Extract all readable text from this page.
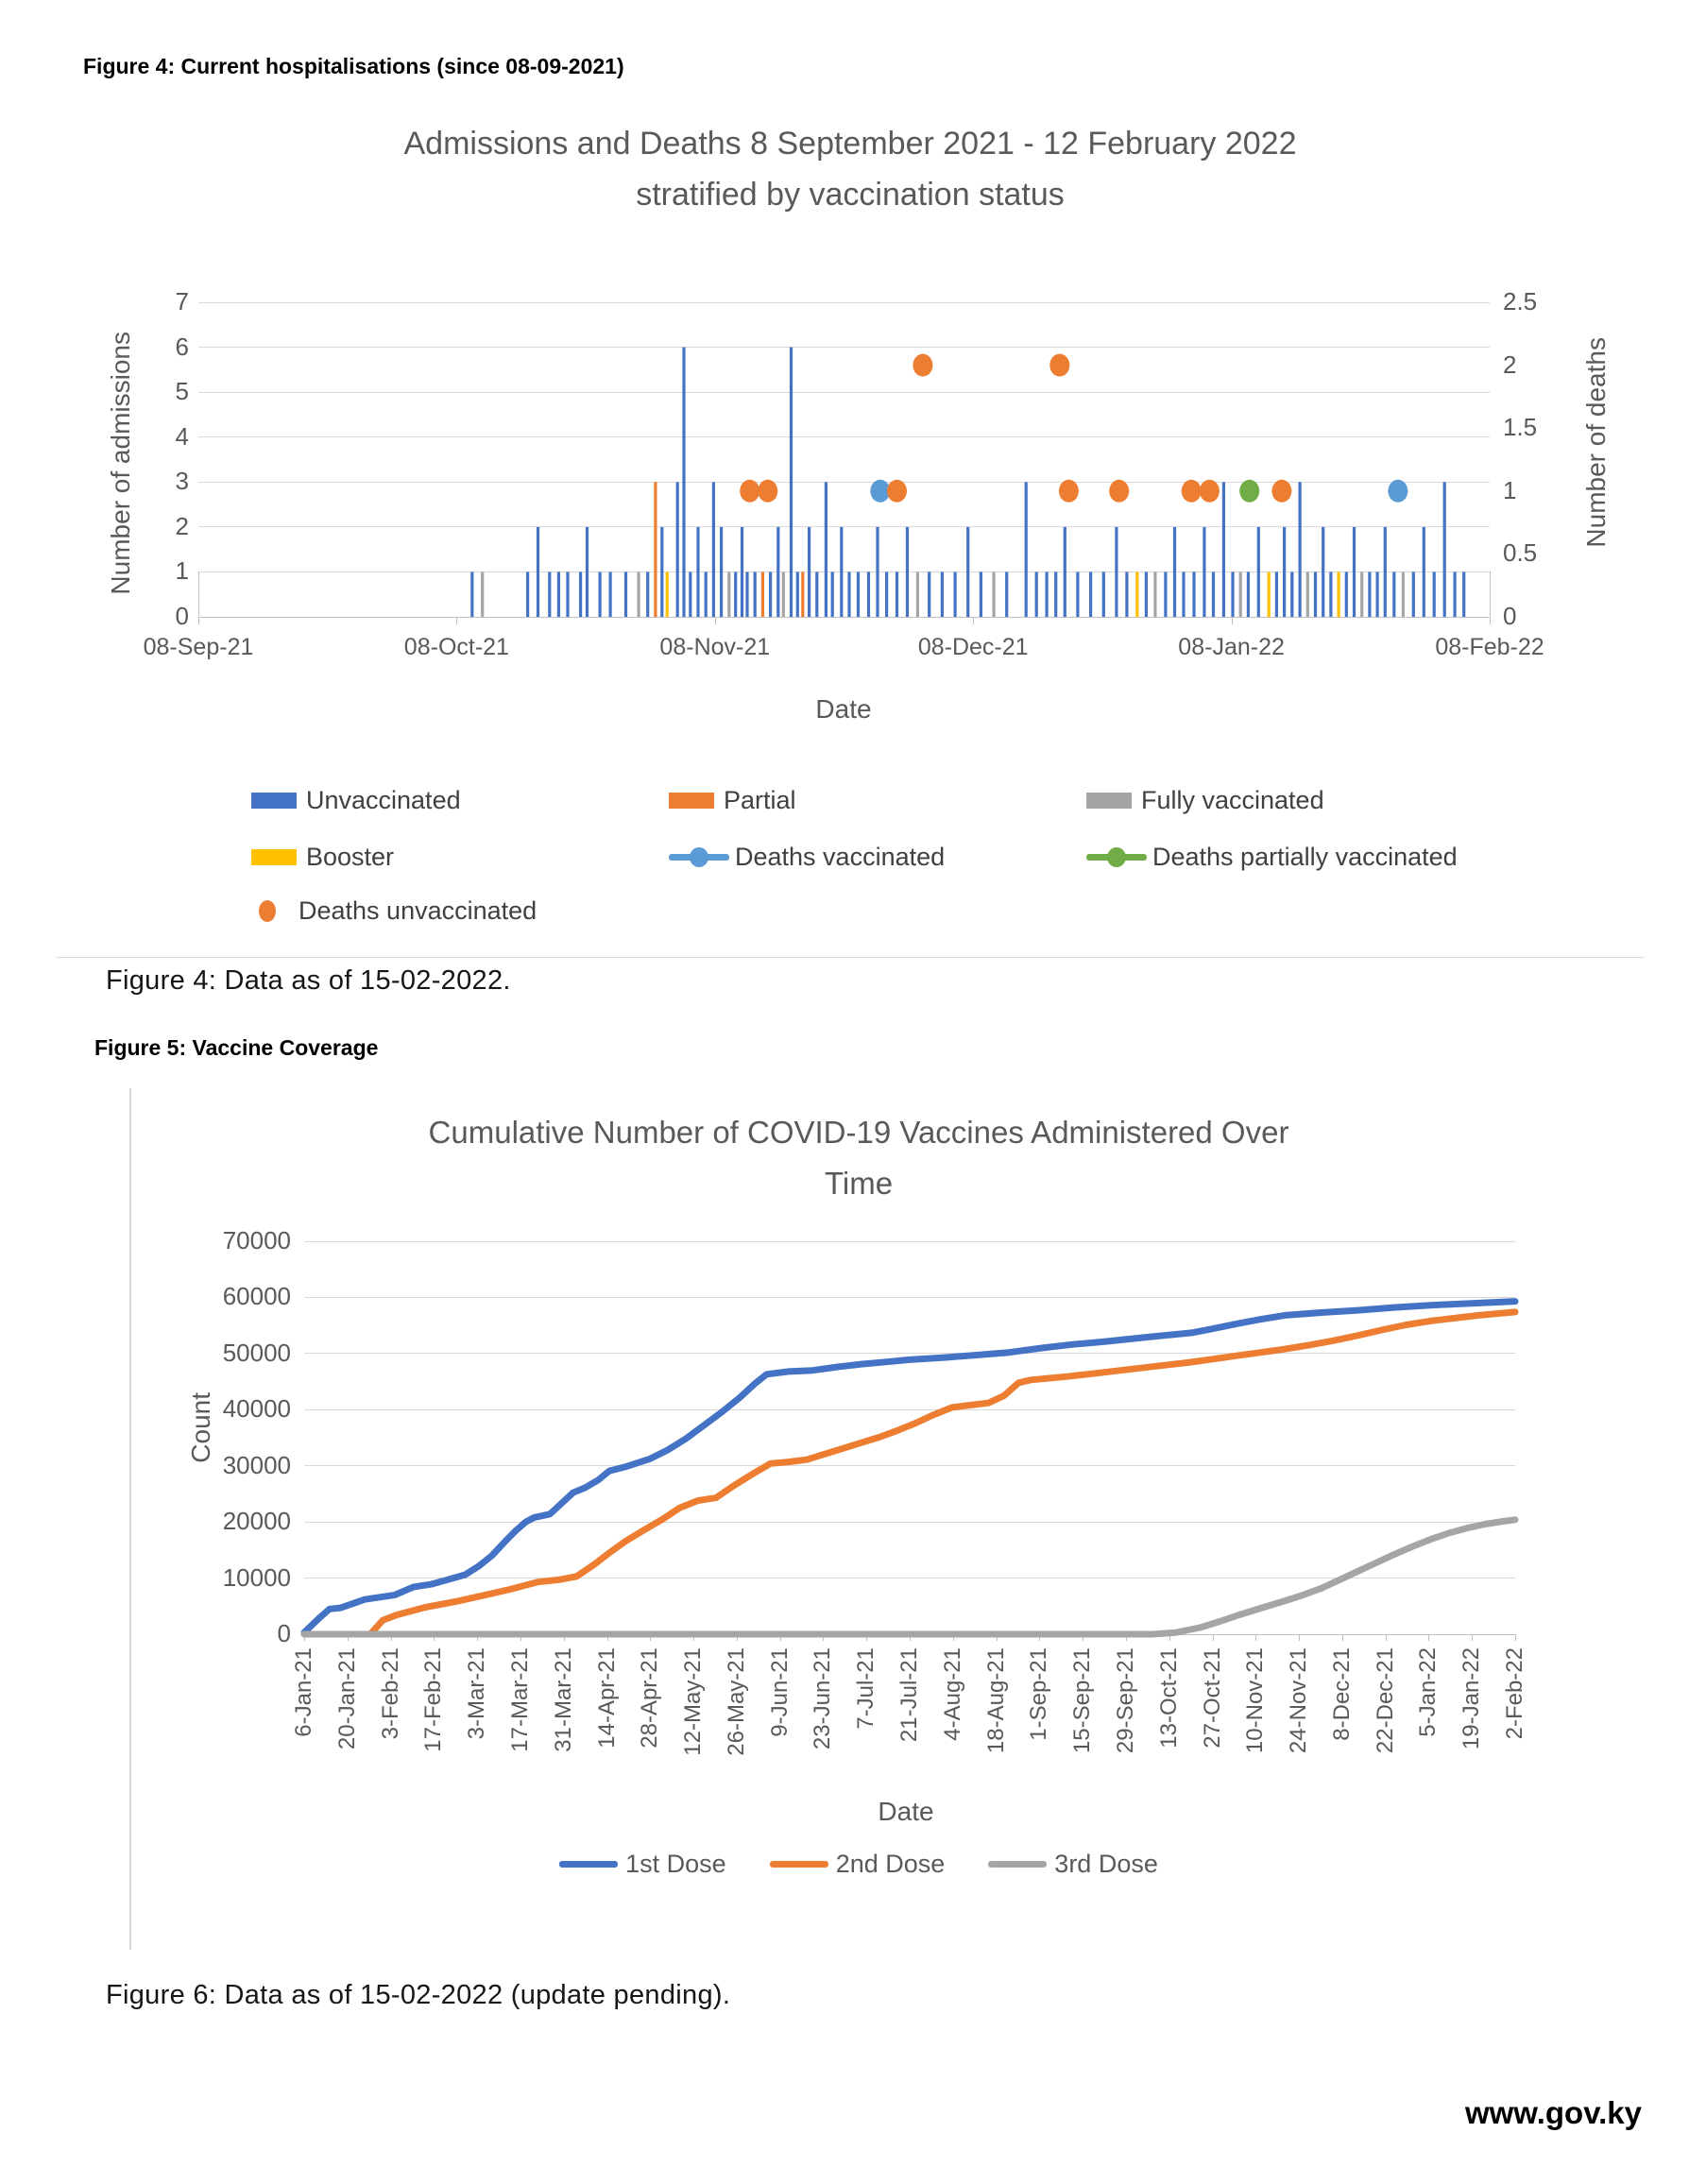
Figure 4: Current hospitalisations (since 08-09-2021)
Admissions and Deaths 8 September 2021 - 12 February 2022
stratified by vaccination status
Number of admissions	Number of deaths
0
1
2
3
4
5
6
7
0
0.5
1
1.5
2
2.5
08-Sep-21	08-Oct-21	08-Nov-21	08-Dec-21	08-Jan-22	08-Feb-22
Date
Unvaccinated	Partial	Fully vaccinated
Booster	Deaths vaccinated	Deaths partially vaccinated
Deaths unvaccinated
Figure 4: Data as of 15-02-2022.
Figure 5: Vaccine Coverage
Cumulative Number of COVID-19 Vaccines Administered Over
Time
Count
0
10000
20000
30000
40000
50000
60000
70000
6-Jan-21 20-Jan-21 3-Feb-21 17-Feb-21 3-Mar-21 17-Mar-21 31-Mar-21 14-Apr-21 28-Apr-21 12-May-21 26-May-21 9-Jun-21 23-Jun-21 7-Jul-21 21-Jul-21 4-Aug-21 18-Aug-21 1-Sep-21 15-Sep-21 29-Sep-21 13-Oct-21 27-Oct-21 10-Nov-21 24-Nov-21 8-Dec-21 22-Dec-21 5-Jan-22 19-Jan-22 2-Feb-22
Date
1st Dose	2nd Dose	3rd Dose
Figure 6: Data as of 15-02-2022 (update pending).
www.gov.ky
